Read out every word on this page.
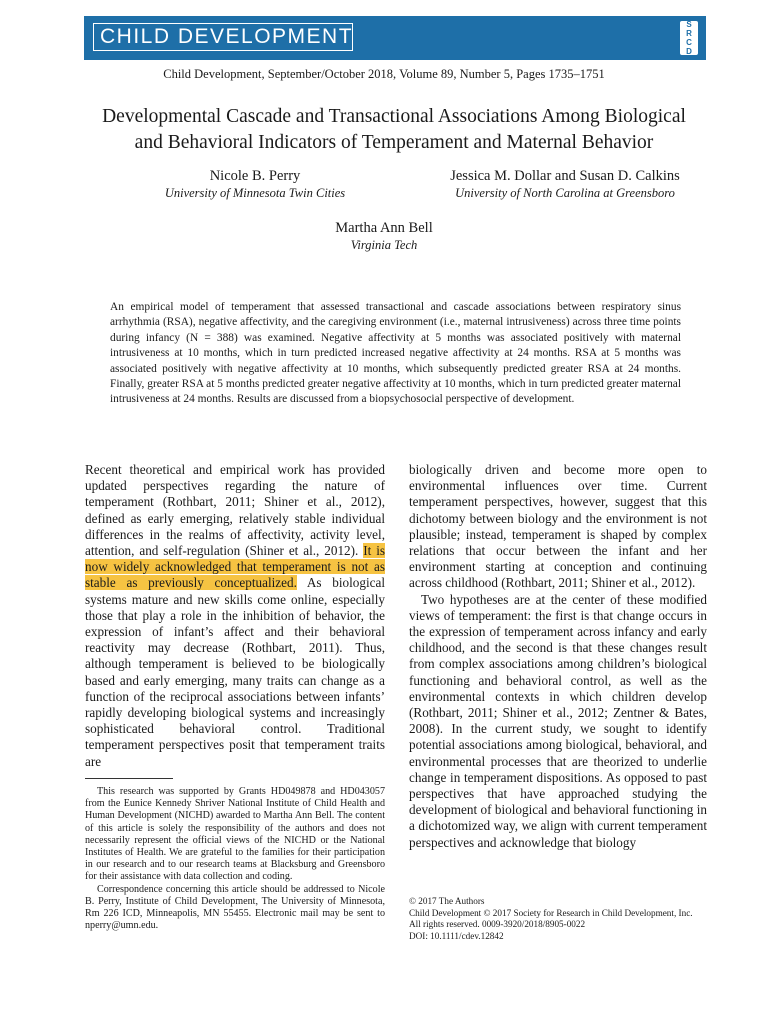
CHILD DEVELOPMENT
S
R
C
D
Child Development, September/October 2018, Volume 89, Number 5, Pages 1735–1751
Developmental Cascade and Transactional Associations Among Biological
and Behavioral Indicators of Temperament and Maternal Behavior
Nicole B. Perry
University of Minnesota Twin Cities
Jessica M. Dollar and Susan D. Calkins
University of North Carolina at Greensboro
Martha Ann Bell
Virginia Tech
An empirical model of temperament that assessed transactional and cascade associations between respiratory sinus arrhythmia (RSA), negative affectivity, and the caregiving environment (i.e., maternal intrusiveness) across three time points during infancy (N = 388) was examined. Negative affectivity at 5 months was associated positively with maternal intrusiveness at 10 months, which in turn predicted increased negative affectivity at 24 months. RSA at 5 months was associated positively with negative affectivity at 10 months, which subsequently predicted greater RSA at 24 months. Finally, greater RSA at 5 months predicted greater negative affectivity at 10 months, which in turn predicted greater maternal intrusiveness at 24 months. Results are discussed from a biopsychosocial perspective of development.

Recent theoretical and empirical work has provided updated perspectives regarding the nature of temperament (Rothbart, 2011; Shiner et al., 2012), defined as early emerging, relatively stable individual differences in the realms of affectivity, activity level, attention, and self-regulation (Shiner et al., 2012). It is now widely acknowledged that temperament is not as stable as previously conceptualized. As biological systems mature and new skills come online, especially those that play a role in the inhibition of behavior, the expression of infant’s affect and their behavioral reactivity may decrease (Rothbart, 2011). Thus, although temperament is believed to be biologically based and early emerging, many traits can change as a function of the reciprocal associations between infants’ rapidly developing biological systems and increasingly sophisticated behavioral control. Traditional temperament perspectives posit that temperament traits are

biologically driven and become more open to environmental influences over time. Current temperament perspectives, however, suggest that this dichotomy between biology and the environment is not plausible; instead, temperament is shaped by complex relations that occur between the infant and her environment starting at conception and continuing across childhood (Rothbart, 2011; Shiner et al., 2012).

Two hypotheses are at the center of these modified views of temperament: the first is that change occurs in the expression of temperament across infancy and early childhood, and the second is that these changes result from complex associations among children’s biological functioning and behavioral control, as well as the environmental contexts in which children develop (Rothbart, 2011; Shiner et al., 2012; Zentner & Bates, 2008). In the current study, we sought to identify potential associations among biological, behavioral, and environmental processes that are theorized to underlie change in temperament dispositions. As opposed to past perspectives that have approached studying the development of biological and behavioral functioning in a dichotomized way, we align with current temperament perspectives and acknowledge that biology

This research was supported by Grants HD049878 and HD043057 from the Eunice Kennedy Shriver National Institute of Child Health and Human Development (NICHD) awarded to Martha Ann Bell. The content of this article is solely the responsibility of the authors and does not necessarily represent the official views of the NICHD or the National Institutes of Health. We are grateful to the families for their participation in our research and to our research teams at Blacksburg and Greensboro for their assistance with data collection and coding.

Correspondence concerning this article should be addressed to Nicole B. Perry, Institute of Child Development, The University of Minnesota, Rm 226 ICD, Minneapolis, MN 55455. Electronic mail may be sent to nperry@umn.edu.

© 2017 The Authors
Child Development © 2017 Society for Research in Child Development, Inc.
All rights reserved. 0009-3920/2018/8905-0022
DOI: 10.1111/cdev.12842
